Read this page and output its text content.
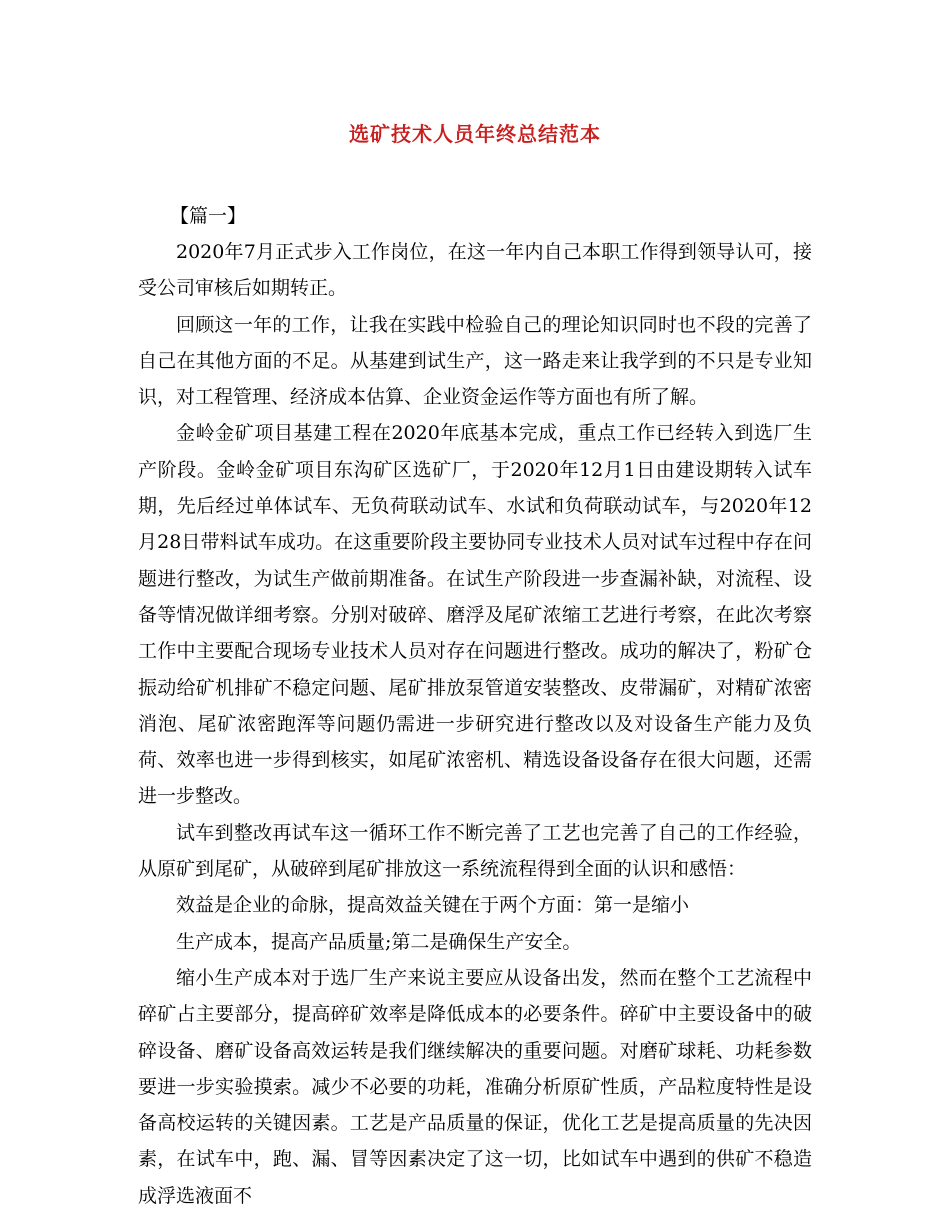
选矿技术人员年终总结范本
【篇一】

2020年7月正式步入工作岗位，在这一年内自己本职工作得到领导认可，接受公司审核后如期转正。

回顾这一年的工作，让我在实践中检验自己的理论知识同时也不段的完善了自己在其他方面的不足。从基建到试生产，这一路走来让我学到的不只是专业知识，对工程管理、经济成本估算、企业资金运作等方面也有所了解。

金岭金矿项目基建工程在2020年底基本完成，重点工作已经转入到选厂生产阶段。金岭金矿项目东沟矿区选矿厂，于2020年12月1日由建设期转入试车期，先后经过单体试车、无负荷联动试车、水试和负荷联动试车，与2020年12月28日带料试车成功。在这重要阶段主要协同专业技术人员对试车过程中存在问题进行整改，为试生产做前期准备。在试生产阶段进一步查漏补缺，对流程、设备等情况做详细考察。分别对破碎、磨浮及尾矿浓缩工艺进行考察，在此次考察工作中主要配合现场专业技术人员对存在问题进行整改。成功的解决了，粉矿仓振动给矿机排矿不稳定问题、尾矿排放泵管道安装整改、皮带漏矿，对精矿浓密消泡、尾矿浓密跑浑等问题仍需进一步研究进行整改以及对设备生产能力及负荷、效率也进一步得到核实，如尾矿浓密机、精选设备设备存在很大问题，还需进一步整改。

试车到整改再试车这一循环工作不断完善了工艺也完善了自己的工作经验，从原矿到尾矿，从破碎到尾矿排放这一系统流程得到全面的认识和感悟：

效益是企业的命脉，提高效益关键在于两个方面：第一是缩小

生产成本，提高产品质量;第二是确保生产安全。

缩小生产成本对于选厂生产来说主要应从设备出发，然而在整个工艺流程中碎矿占主要部分，提高碎矿效率是降低成本的必要条件。碎矿中主要设备中的破碎设备、磨矿设备高效运转是我们继续解决的重要问题。对磨矿球耗、功耗参数要进一步实验摸索。减少不必要的功耗，准确分析原矿性质，产品粒度特性是设备高校运转的关键因素。工艺是产品质量的保证，优化工艺是提高质量的先决因素，在试车中，跑、漏、冒等因素决定了这一切，比如试车中遇到的供矿不稳造成浮选液面不
